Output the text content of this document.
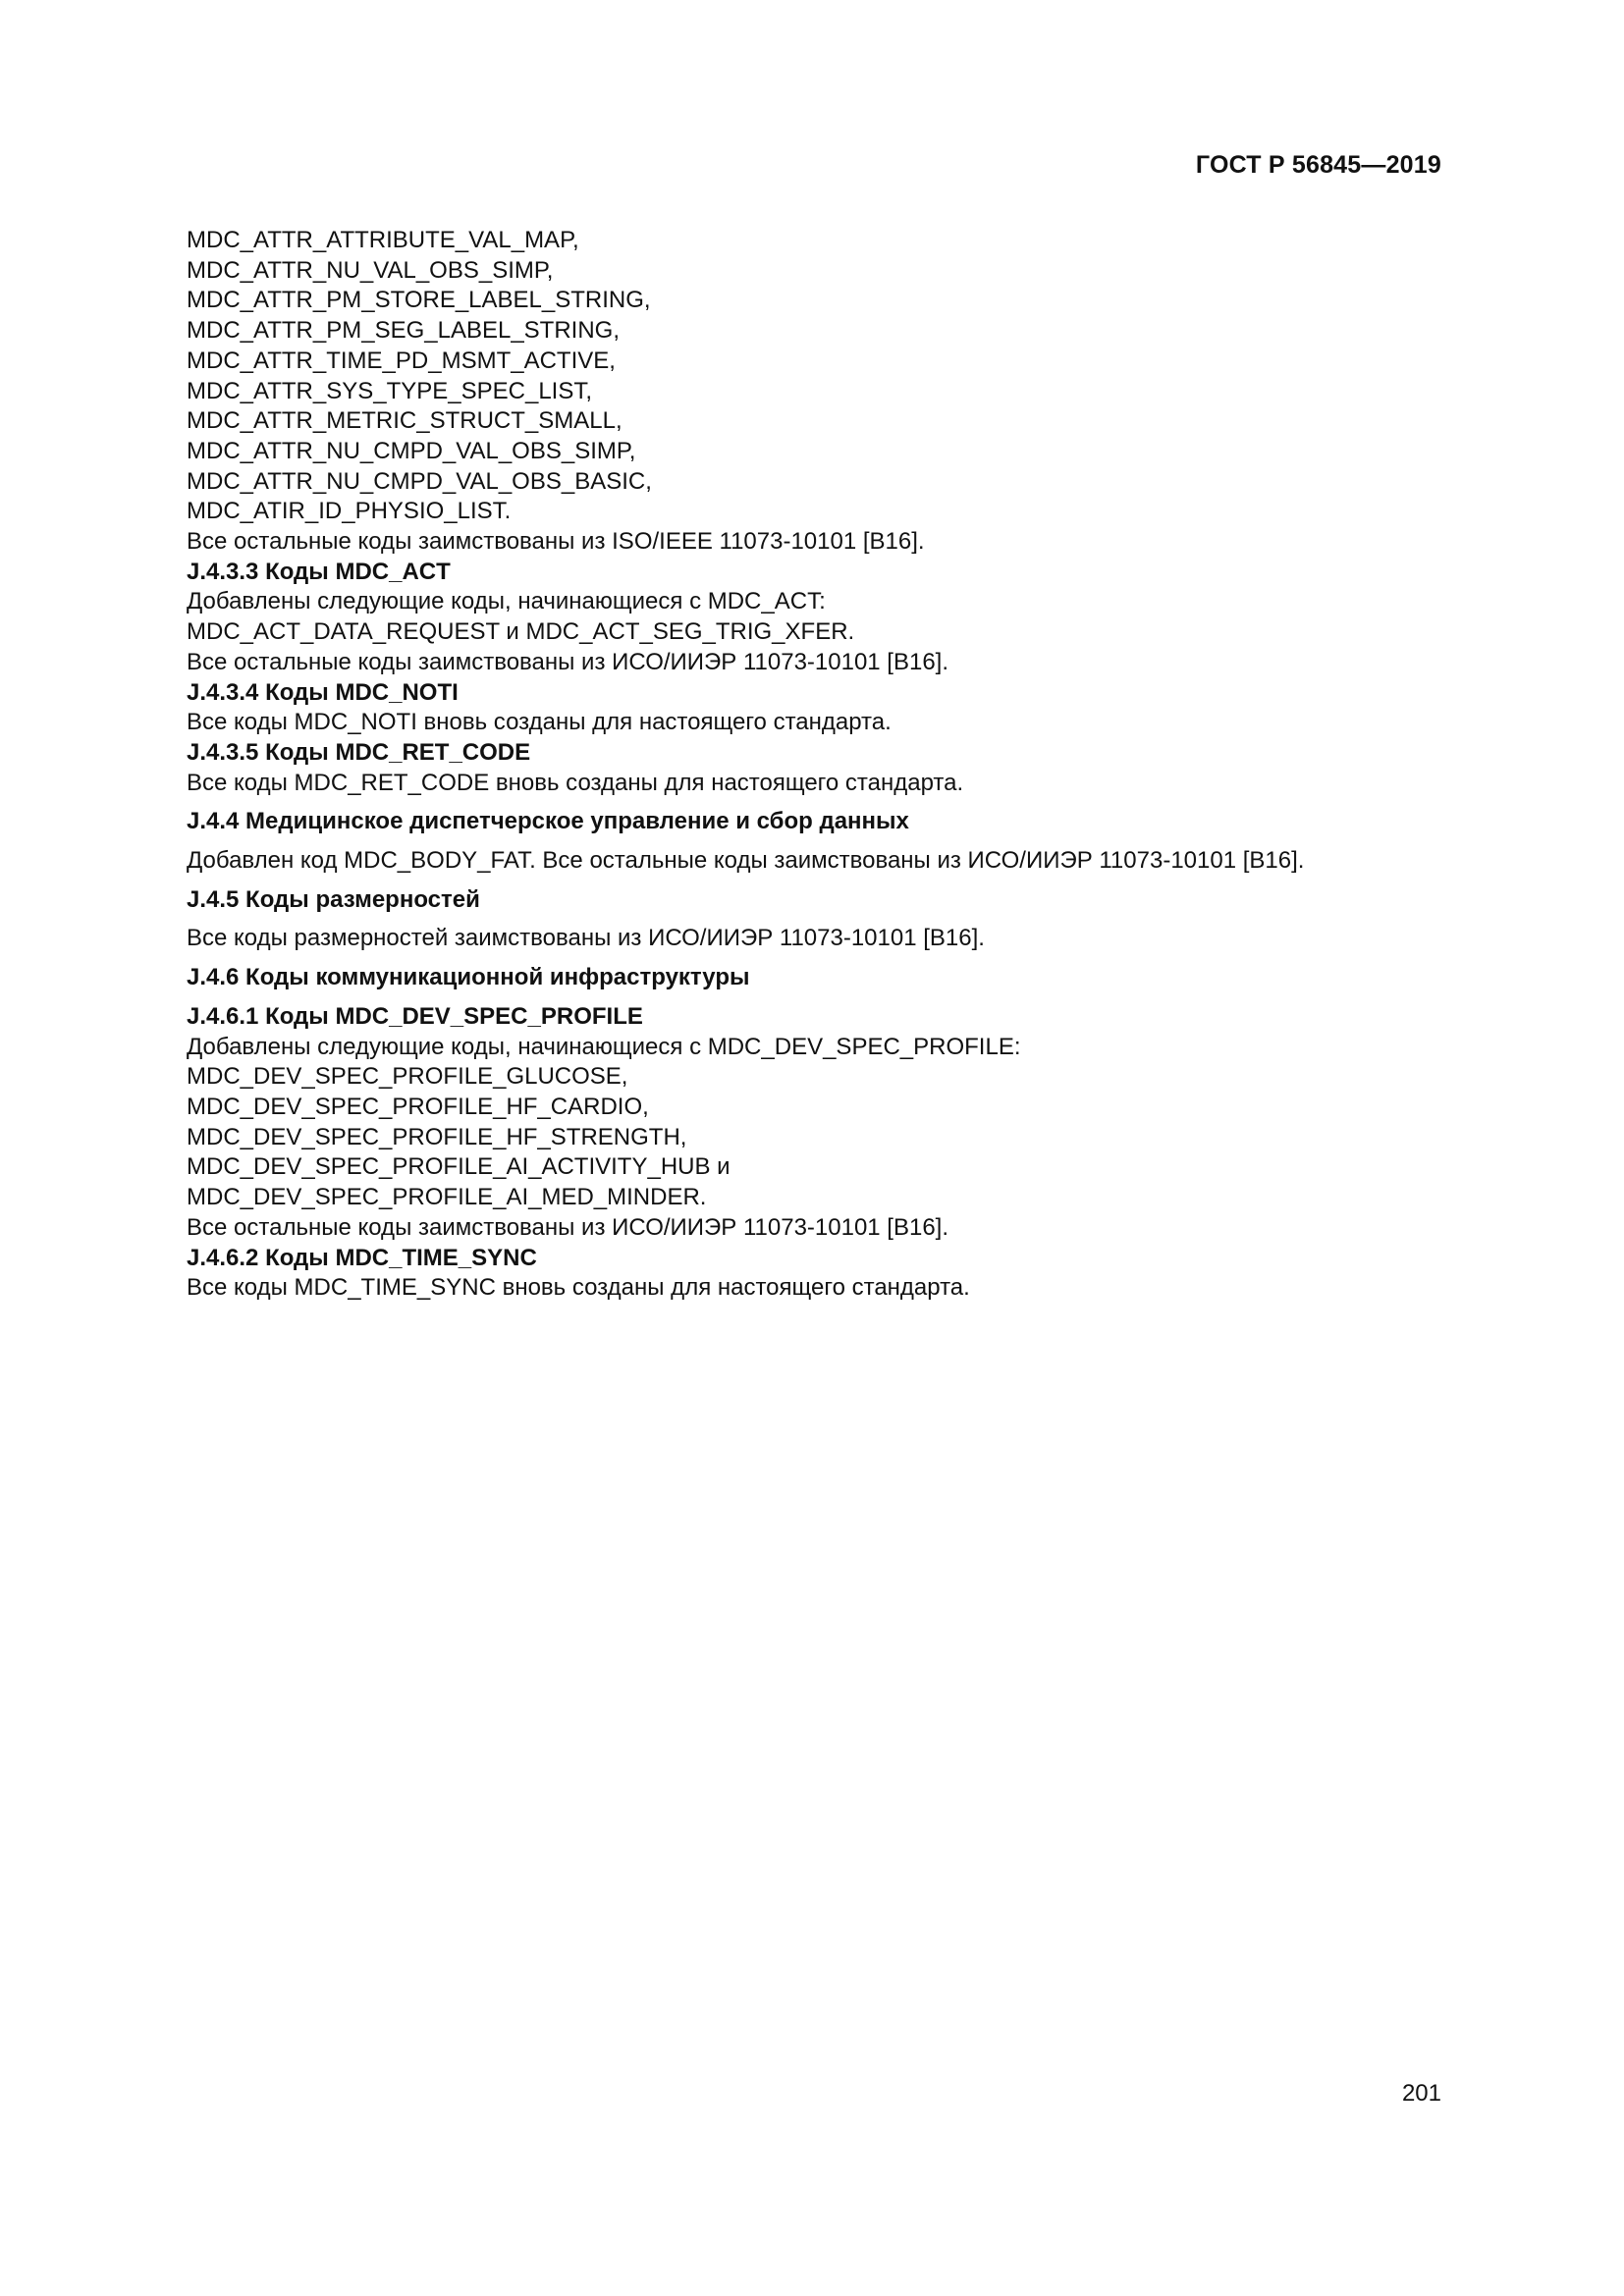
ГОСТ Р 56845—2019
MDC_ATTR_ATTRIBUTE_VAL_MAP,
MDC_ATTR_NU_VAL_OBS_SIMP,
MDC_ATTR_PM_STORE_LABEL_STRING,
MDC_ATTR_PM_SEG_LABEL_STRING,
MDC_ATTR_TIME_PD_MSMT_ACTIVE,
MDC_ATTR_SYS_TYPE_SPEC_LIST,
MDC_ATTR_METRIC_STRUCT_SMALL,
MDC_ATTR_NU_CMPD_VAL_OBS_SIMP,
MDC_ATTR_NU_CMPD_VAL_OBS_BASIC,
MDC_ATIR_ID_PHYSIO_LIST.
Все остальные коды заимствованы из ISO/IEEE 11073-10101 [B16].
J.4.3.3 Коды MDC_ACT
Добавлены следующие коды, начинающиеся с MDC_ACT:
MDC_ACT_DATA_REQUEST и MDC_ACT_SEG_TRIG_XFER.
Все остальные коды заимствованы из ИСО/ИИЭР 11073-10101 [B16].
J.4.3.4 Коды MDC_NOTI
Все коды MDC_NOTI вновь созданы для настоящего стандарта.
J.4.3.5 Коды MDC_RET_CODE
Все коды MDC_RET_CODE вновь созданы для настоящего стандарта.
J.4.4 Медицинское диспетчерское управление и сбор данных
Добавлен код MDC_BODY_FAT. Все остальные коды заимствованы из ИСО/ИИЭР 11073-10101 [B16].
J.4.5 Коды размерностей
Все коды размерностей заимствованы из ИСО/ИИЭР 11073-10101 [B16].
J.4.6 Коды коммуникационной инфраструктуры
J.4.6.1 Коды MDC_DEV_SPEC_PROFILE
Добавлены следующие коды, начинающиеся с MDC_DEV_SPEC_PROFILE:
MDC_DEV_SPEC_PROFILE_GLUCOSE,
MDC_DEV_SPEC_PROFILE_HF_CARDIO,
MDC_DEV_SPEC_PROFILE_HF_STRENGTH,
MDC_DEV_SPEC_PROFILE_AI_ACTIVITY_HUB и
MDC_DEV_SPEC_PROFILE_AI_MED_MINDER.
Все остальные коды заимствованы из ИСО/ИИЭР 11073-10101 [B16].
J.4.6.2 Коды MDC_TIME_SYNC
Все коды MDC_TIME_SYNC вновь созданы для настоящего стандарта.
201
